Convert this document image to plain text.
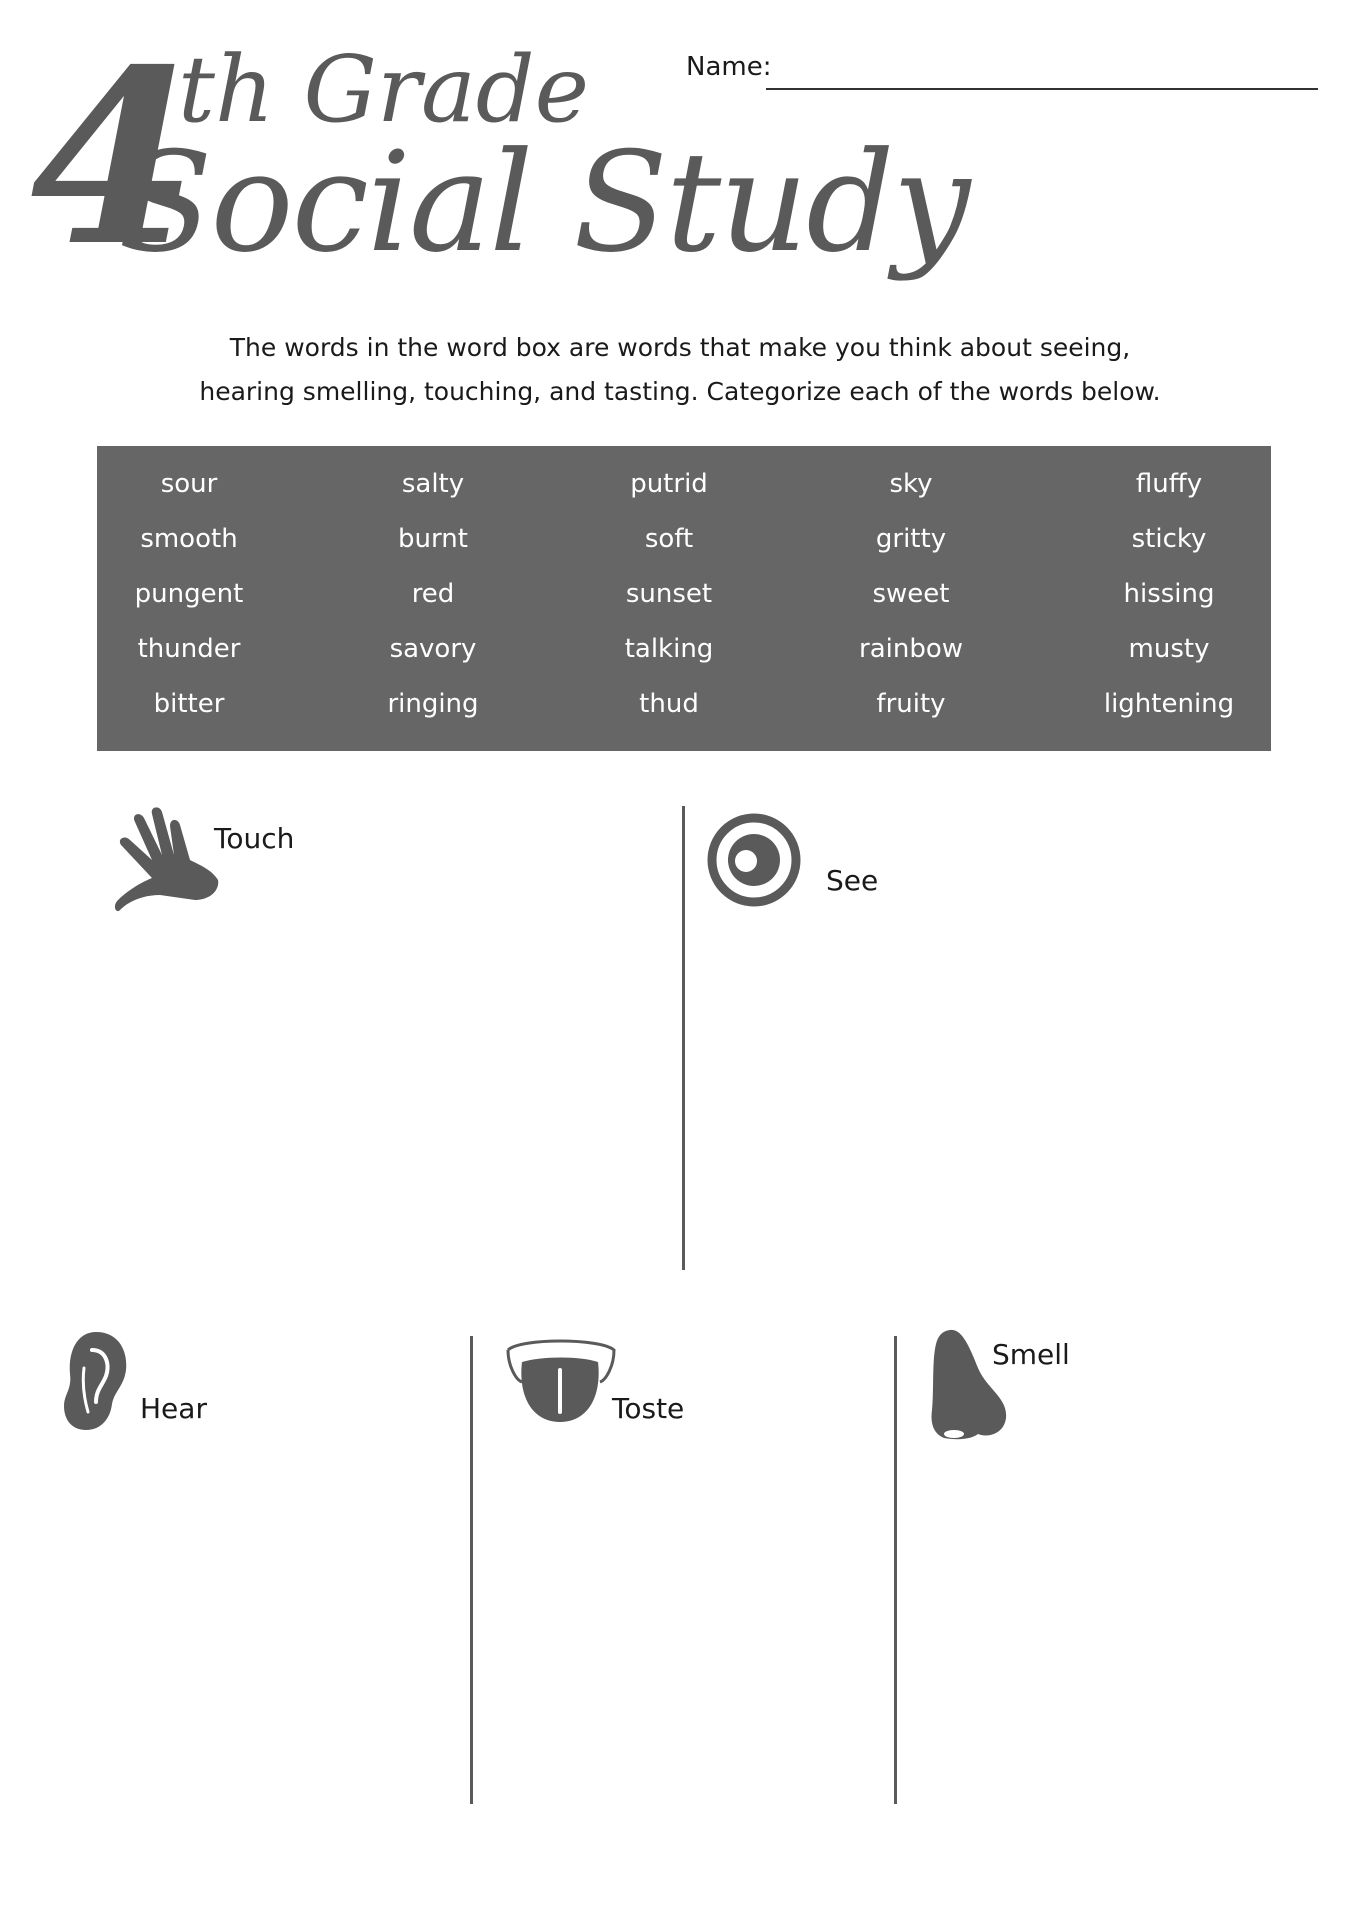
4
th Grade
Social Study
Name:
The words in the word box are words that make you think about seeing,
hearing smelling, touching, and tasting. Categorize each of the words below.
sour	salty	putrid	sky	fluffy
smooth	burnt	soft	gritty	sticky
pungent	red	sunset	sweet	hissing
thunder	savory	talking	rainbow	musty
bitter	ringing	thud	fruity	lightening
Touch
See
Hear	Toste
Smell
